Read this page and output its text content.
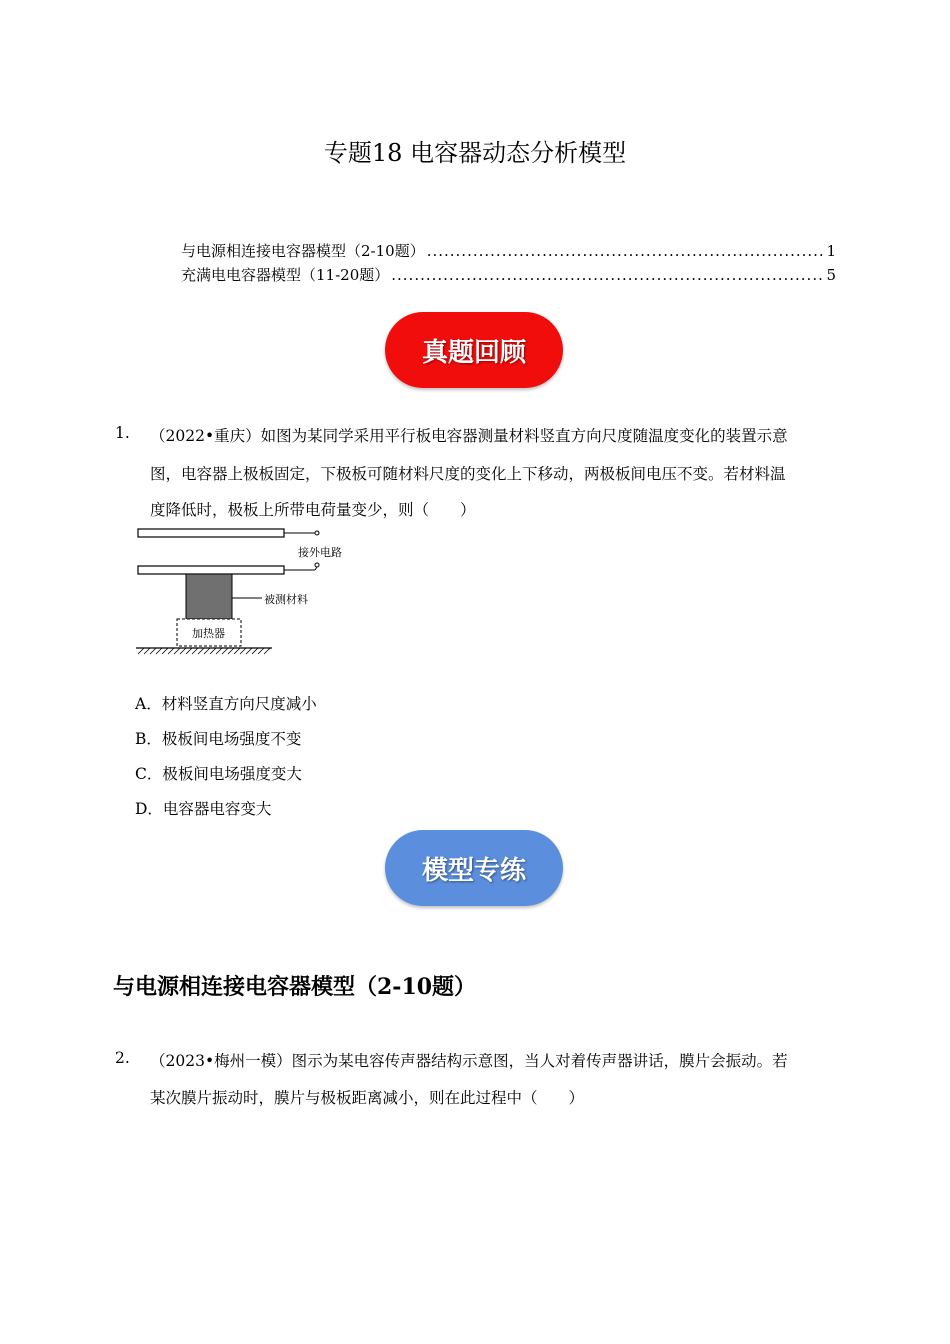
专题18 电容器动态分析模型
与电源相连接电容器模型（2-10题） .....	1
充满电电容器模型（11-20题） .....	5
真题回顾
1. （2022•重庆）如图为某同学采用平行板电容器测量材料竖直方向尺度随温度变化的装置示意
图，电容器上极板固定，下极板可随材料尺度的变化上下移动，两极板间电压不变。若材料温
度降低时，极板上所带电荷量变少，则（　　）
接外电路
被测材料
加热器
A．材料竖直方向尺度减小
B．极板间电场强度不变
C．极板间电场强度变大
D．电容器电容变大
模型专练
与电源相连接电容器模型（2-10题）
2. （2023•梅州一模）图示为某电容传声器结构示意图，当人对着传声器讲话，膜片会振动。若
某次膜片振动时，膜片与极板距离减小，则在此过程中（　　）
